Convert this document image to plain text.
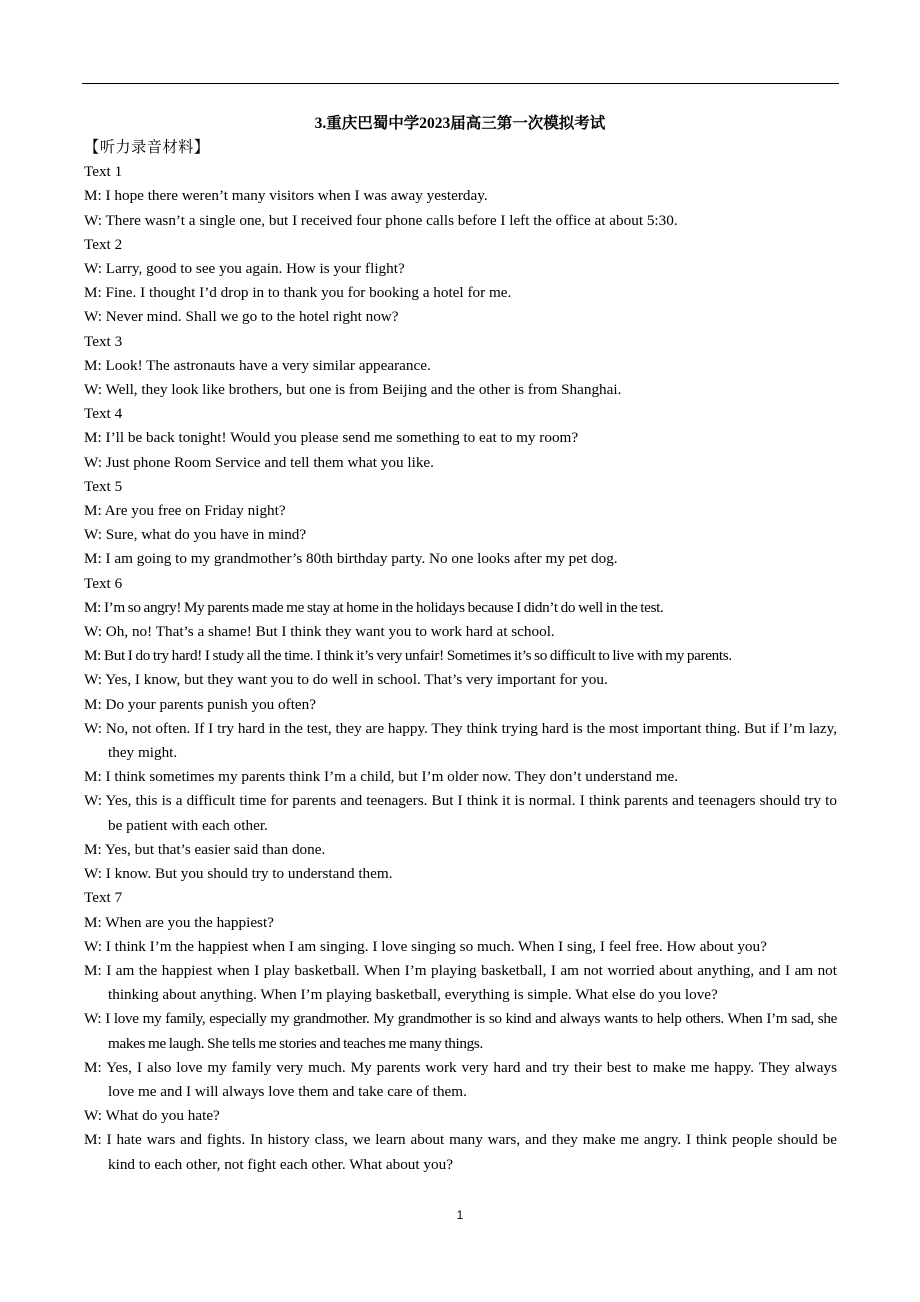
3.重庆巴蜀中学2023届高三第一次模拟考试
【听力录音材料】
Text 1
M: I hope there weren’t many visitors when I was away yesterday.
W: There wasn’t a single one, but I received four phone calls before I left the office at about 5:30.
Text 2
W: Larry, good to see you again. How is your flight?
M: Fine. I thought I’d drop in to thank you for booking a hotel for me.
W: Never mind. Shall we go to the hotel right now?
Text 3
M: Look! The astronauts have a very similar appearance.
W: Well, they look like brothers, but one is from Beijing and the other is from Shanghai.
Text 4
M: I’ll be back tonight! Would you please send me something to eat to my room?
W: Just phone Room Service and tell them what you like.
Text 5
M: Are you free on Friday night?
W: Sure, what do you have in mind?
M: I am going to my grandmother’s 80th birthday party. No one looks after my pet dog.
Text 6
M: I’m so angry! My parents made me stay at home in the holidays because I didn’t do well in the test.
W: Oh, no! That’s a shame! But I think they want you to work hard at school.
M: But I do try hard! I study all the time. I think it’s very unfair! Sometimes it’s so difficult to live with my parents.
W: Yes, I know, but they want you to do well in school. That’s very important for you.
M: Do your parents punish you often?
W: No, not often. If I try hard in the test, they are happy. They think trying hard is the most important thing. But if I’m lazy, they might.
M: I think sometimes my parents think I’m a child, but I’m older now. They don’t understand me.
W: Yes, this is a difficult time for parents and teenagers. But I think it is normal. I think parents and teenagers should try to be patient with each other.
M: Yes, but that’s easier said than done.
W: I know. But you should try to understand them.
Text 7
M: When are you the happiest?
W: I think I’m the happiest when I am singing. I love singing so much. When I sing, I feel free. How about you?
M: I am the happiest when I play basketball. When I’m playing basketball, I am not worried about anything, and I am not thinking about anything. When I’m playing basketball, everything is simple. What else do you love?
W: I love my family, especially my grandmother. My grandmother is so kind and always wants to help others. When I’m sad, she makes me laugh. She tells me stories and teaches me many things.
M: Yes, I also love my family very much. My parents work very hard and try their best to make me happy. They always love me and I will always love them and take care of them.
W: What do you hate?
M: I hate wars and fights. In history class, we learn about many wars, and they make me angry. I think people should be kind to each other, not fight each other. What about you?
1
